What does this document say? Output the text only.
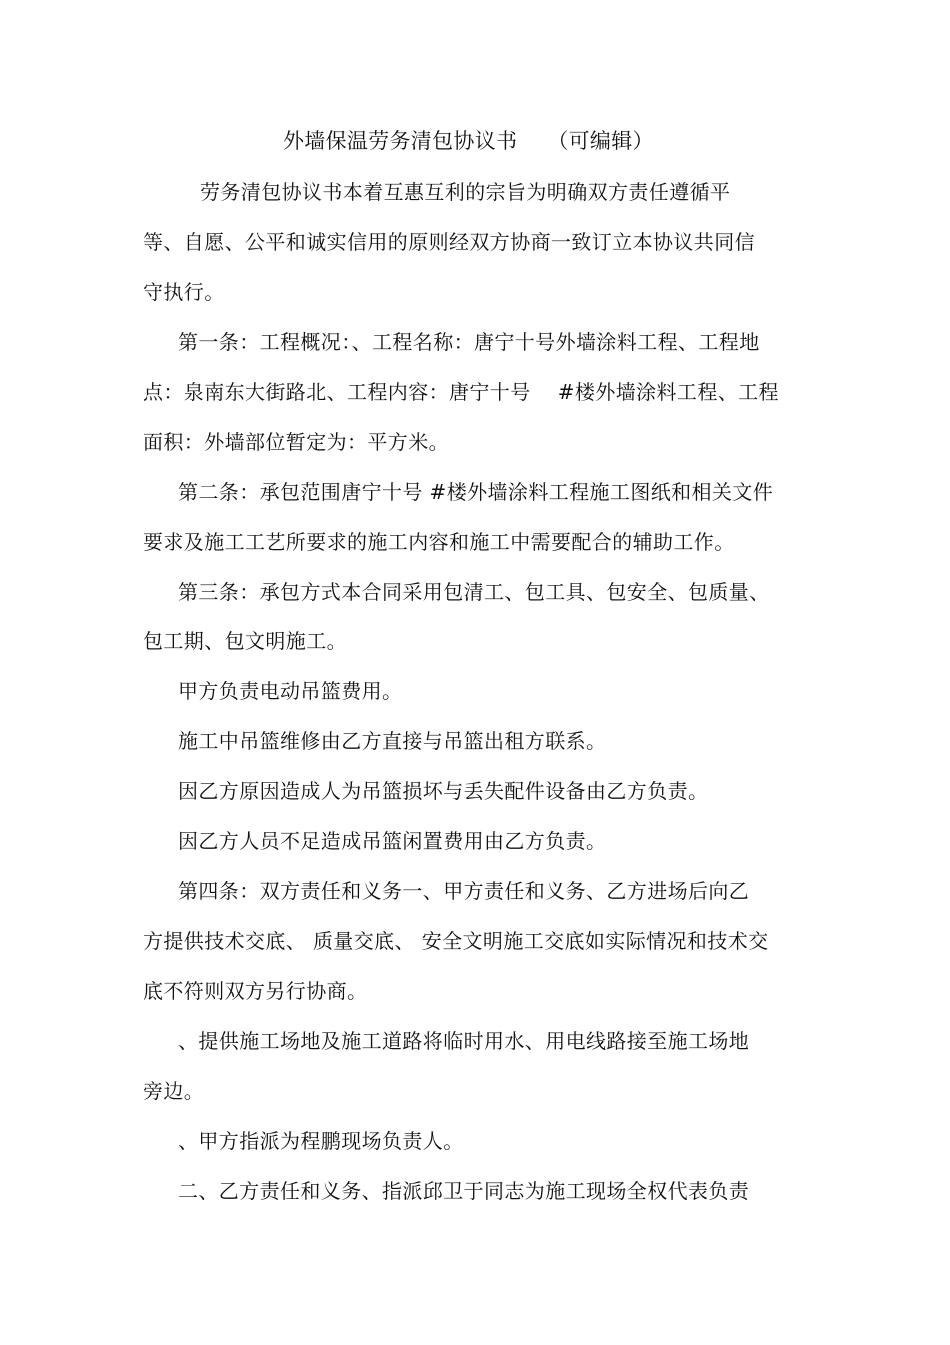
外墙保温劳务清包协议书 （可编辑）
劳务清包协议书本着互惠互利的宗旨为明确双方责任遵循平
等、自愿、公平和诚实信用的原则经双方协商一致订立本协议共同信
守执行。
第一条：工程概况：、工程名称：唐宁十号外墙涂料工程、工程地
点：泉南东大街路北、工程内容：唐宁十号　 #楼外墙涂料工程、工程
面积：外墙部位暂定为：平方米。
第二条：承包范围唐宁十号 #楼外墙涂料工程施工图纸和相关文件
要求及施工工艺所要求的施工内容和施工中需要配合的辅助工作。
第三条：承包方式本合同采用包清工、包工具、包安全、包质量、
包工期、包文明施工。
甲方负责电动吊篮费用。
施工中吊篮维修由乙方直接与吊篮出租方联系。
因乙方原因造成人为吊篮损坏与丢失配件设备由乙方负责。
因乙方人员不足造成吊篮闲置费用由乙方负责。
第四条：双方责任和义务一、甲方责任和义务、乙方进场后向乙
方提供技术交底、 质量交底、 安全文明施工交底如实际情况和技术交
底不符则双方另行协商。
、提供施工场地及施工道路将临时用水、用电线路接至施工场地
旁边。
、甲方指派为程鹏现场负责人。
二、乙方责任和义务、指派邱卫于同志为施工现场全权代表负责
